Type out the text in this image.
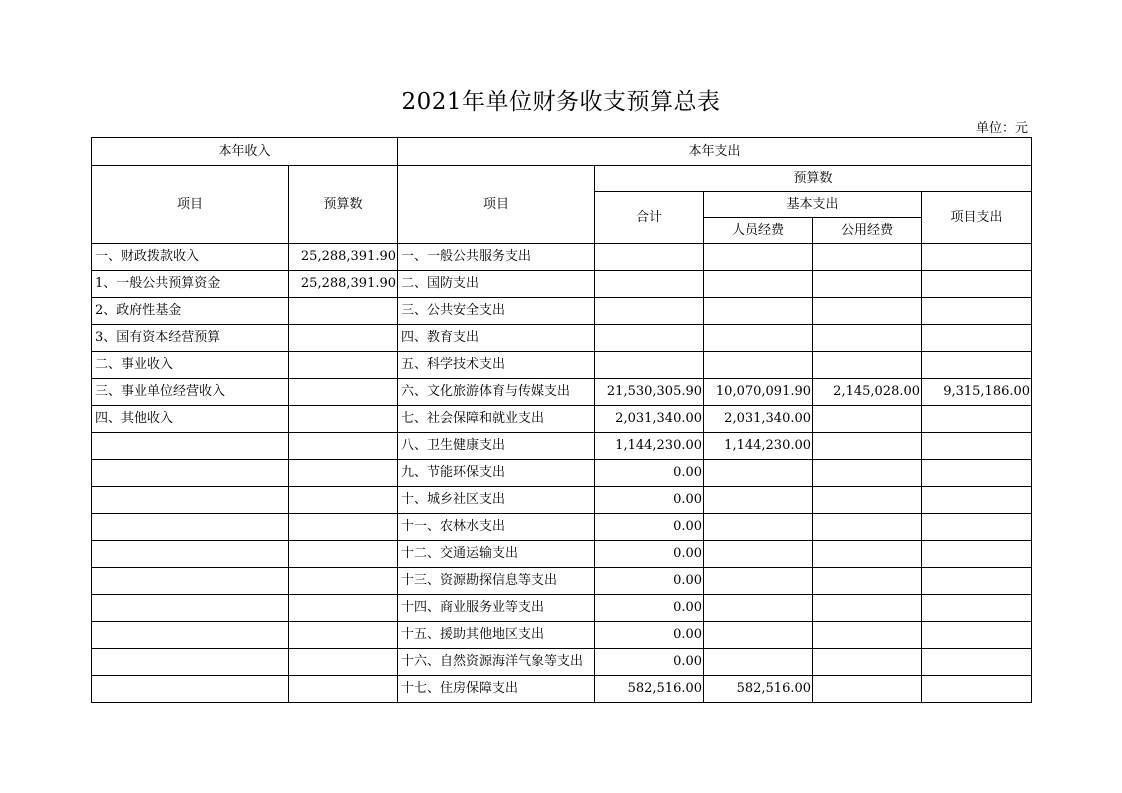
2021年单位财务收支预算总表
单位：元
本年收入		本年支出				
项目	预算数	项目	预算数			
			合计	基本支出		项目支出
				人员经费	公用经费	
一、财政拨款收入	25,288,391.90	一、一般公共服务支出				
1、一般公共预算资金	25,288,391.90	二、国防支出				
2、政府性基金		三、公共安全支出				
3、国有资本经营预算		四、教育支出				
二、事业收入		五、科学技术支出				
三、事业单位经营收入		六、文化旅游体育与传媒支出	21,530,305.90	10,070,091.90	2,145,028.00	9,315,186.00
四、其他收入		七、社会保障和就业支出	2,031,340.00	2,031,340.00		
		八、卫生健康支出	1,144,230.00	1,144,230.00		
		九、节能环保支出	0.00			
		十、城乡社区支出	0.00			
		十一、农林水支出	0.00			
		十二、交通运输支出	0.00			
		十三、资源勘探信息等支出	0.00			
		十四、商业服务业等支出	0.00			
		十五、援助其他地区支出	0.00			
		十六、自然资源海洋气象等支出	0.00			
		十七、住房保障支出	582,516.00	582,516.00		
